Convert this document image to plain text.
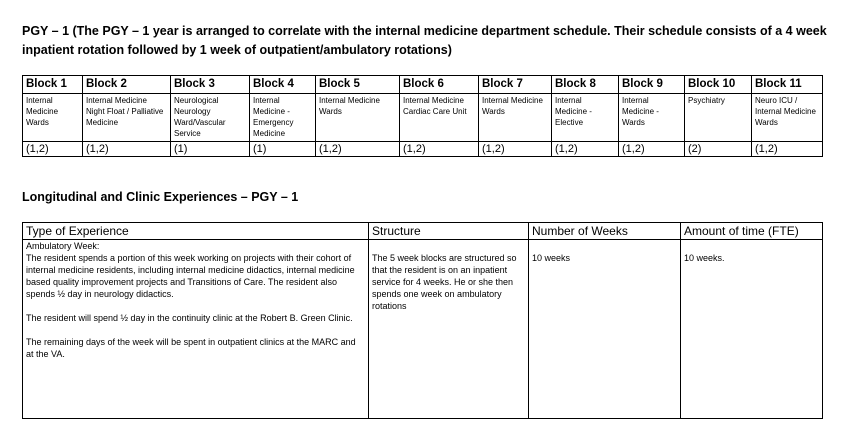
PGY – 1 (The PGY – 1 year is arranged to correlate with the internal medicine department schedule. Their schedule consists of a 4 week inpatient rotation followed by 1 week of outpatient/ambulatory rotations)

Block 1	Block 2	Block 3	Block 4	Block 5	Block 6	Block 7	Block 8	Block 9	Block 10	Block 11
Internal Medicine Wards	Internal Medicine Night Float / Palliative Medicine	Neurological Neurology Ward/Vascular Service	Internal Medicine - Emergency Medicine	Internal Medicine Wards	Internal Medicine Cardiac Care Unit	Internal Medicine Wards	Internal Medicine - Elective	Internal Medicine - Wards	Psychiatry	Neuro ICU / Internal Medicine Wards
(1,2)	(1,2)	(1)	(1)	(1,2)	(1,2)	(1,2)	(1,2)	(1,2)	(2)	(1,2)

Longitudinal and Clinic Experiences – PGY – 1

Type of Experience	Structure	Number of Weeks	Amount of time (FTE)

Ambulatory Week:

The resident spends a portion of this week working on projects with their cohort of internal medicine residents, including internal medicine didactics, internal medicine based quality improvement projects and Transitions of Care. The resident also spends ½ day in neurology didactics.

The resident will spend ½ day in the continuity clinic at the Robert B. Green Clinic.

The remaining days of the week will be spent in outpatient clinics at the MARC and at the VA.	The 5 week blocks are structured so that the resident is on an inpatient service for 4 weeks. He or she then spends one week on ambulatory rotations	10 weeks	10 weeks.
